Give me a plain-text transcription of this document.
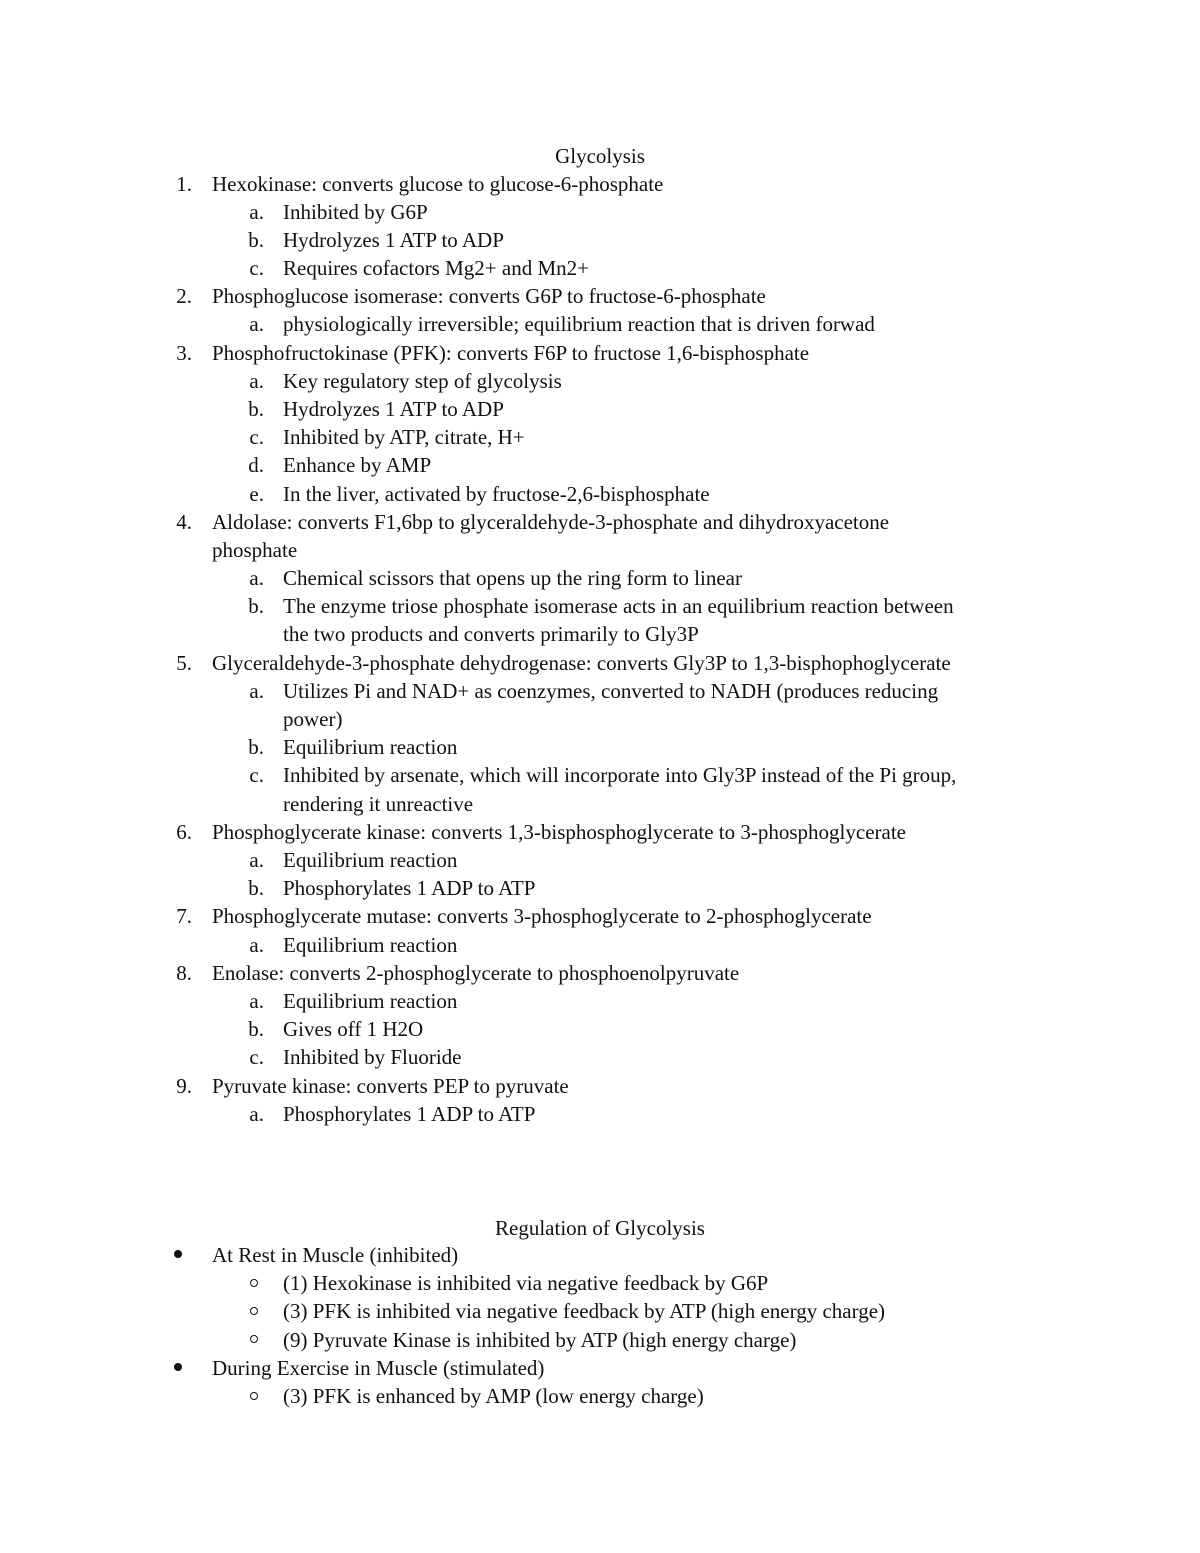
Glycolysis
1. Hexokinase: converts glucose to glucose-6-phosphate
a. Inhibited by G6P
b. Hydrolyzes 1 ATP to ADP
c. Requires cofactors Mg2+ and Mn2+
2. Phosphoglucose isomerase: converts G6P to fructose-6-phosphate
a. physiologically irreversible; equilibrium reaction that is driven forwad
3. Phosphofructokinase (PFK): converts F6P to fructose 1,6-bisphosphate
a. Key regulatory step of glycolysis
b. Hydrolyzes 1 ATP to ADP
c. Inhibited by ATP, citrate, H+
d. Enhance by AMP
e. In the liver, activated by fructose-2,6-bisphosphate
4. Aldolase: converts F1,6bp to glyceraldehyde-3-phosphate and dihydroxyacetone
phosphate
a. Chemical scissors that opens up the ring form to linear
b. The enzyme triose phosphate isomerase acts in an equilibrium reaction between
the two products and converts primarily to Gly3P
5. Glyceraldehyde-3-phosphate dehydrogenase: converts Gly3P to 1,3-bisphophoglycerate
a. Utilizes Pi and NAD+ as coenzymes, converted to NADH (produces reducing
power)
b. Equilibrium reaction
c. Inhibited by arsenate, which will incorporate into Gly3P instead of the Pi group,
rendering it unreactive
6. Phosphoglycerate kinase: converts 1,3-bisphosphoglycerate to 3-phosphoglycerate
a. Equilibrium reaction
b. Phosphorylates 1 ADP to ATP
7. Phosphoglycerate mutase: converts 3-phosphoglycerate to 2-phosphoglycerate
a. Equilibrium reaction
8. Enolase: converts 2-phosphoglycerate to phosphoenolpyruvate
a. Equilibrium reaction
b. Gives off 1 H2O
c. Inhibited by Fluoride
9. Pyruvate kinase: converts PEP to pyruvate
a. Phosphorylates 1 ADP to ATP
Regulation of Glycolysis
At Rest in Muscle (inhibited)
(1) Hexokinase is inhibited via negative feedback by G6P
(3) PFK is inhibited via negative feedback by ATP (high energy charge)
(9) Pyruvate Kinase is inhibited by ATP (high energy charge)
During Exercise in Muscle (stimulated)
(3) PFK is enhanced by AMP (low energy charge)
